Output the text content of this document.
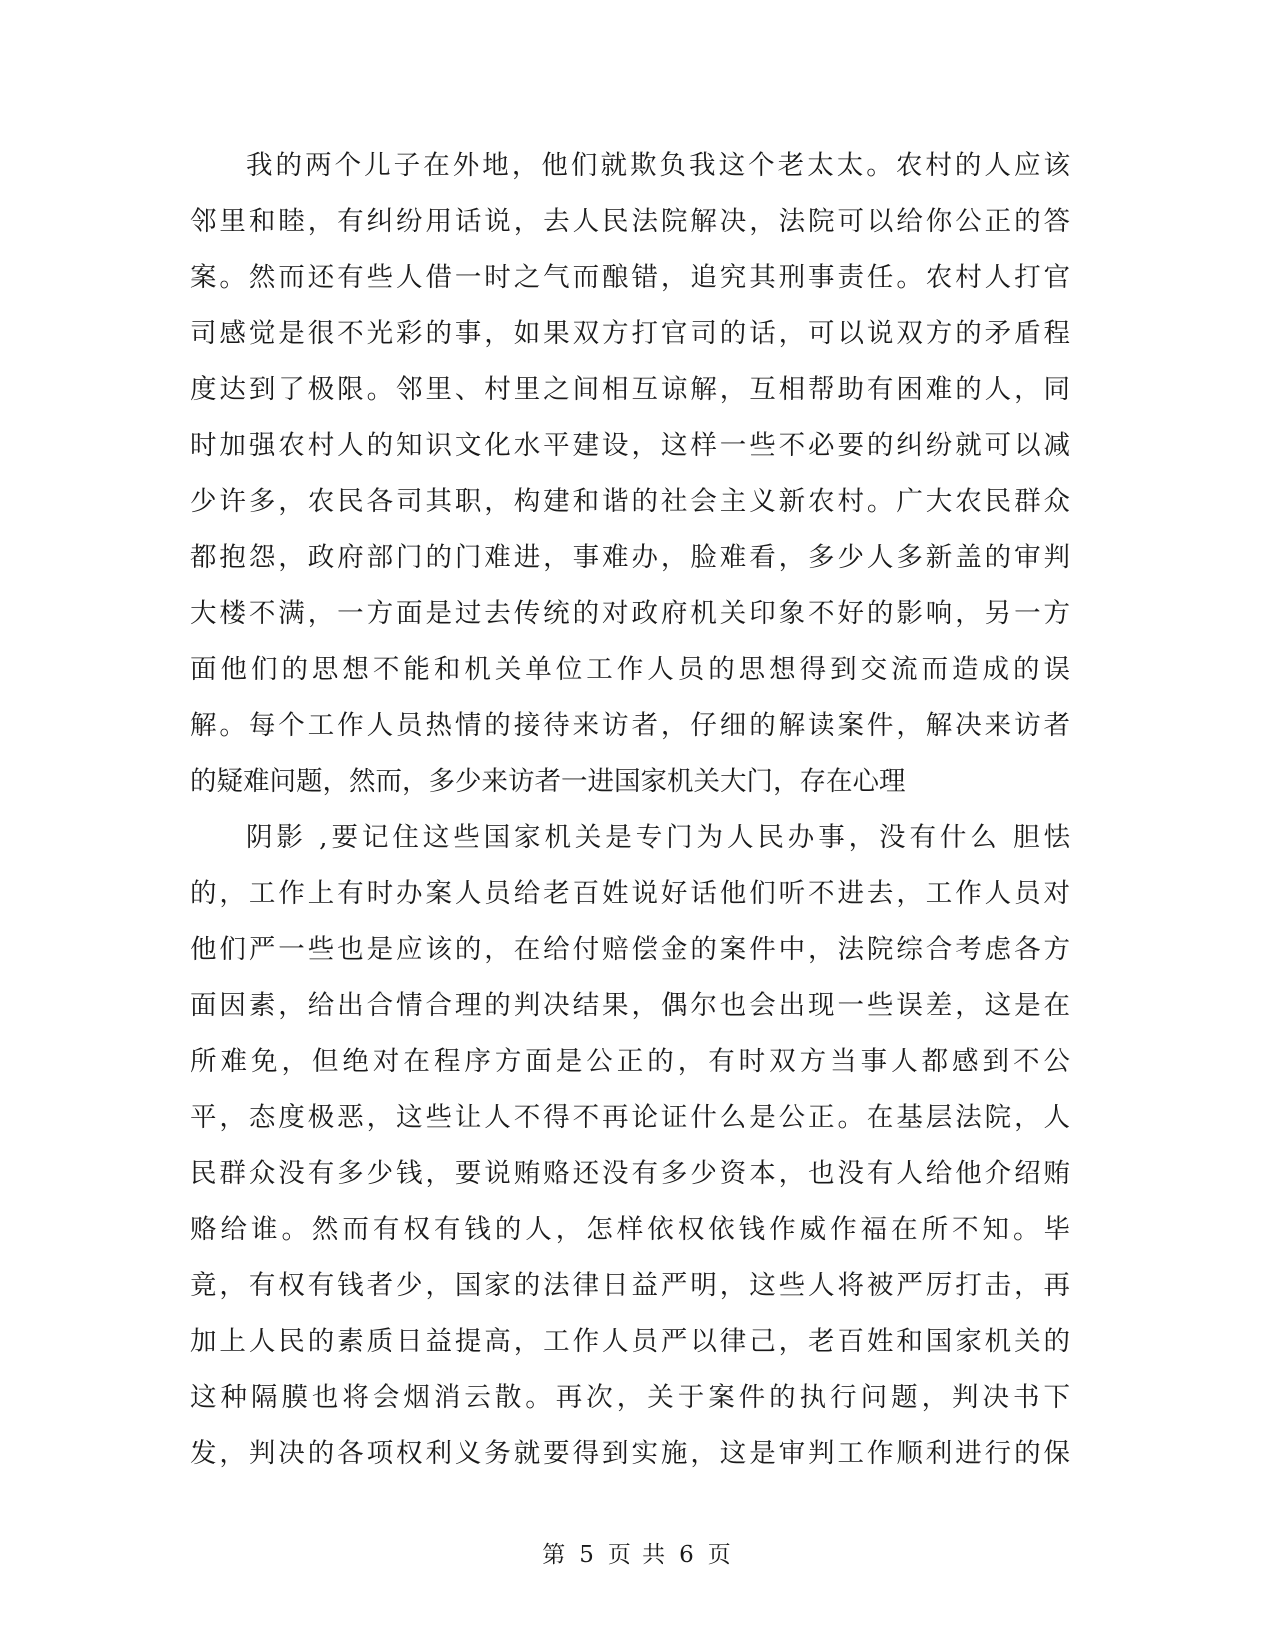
我的两个儿子在外地，他们就欺负我这个老太太。农村的人应该
邻里和睦，有纠纷用话说，去人民法院解决，法院可以给你公正的答
案。然而还有些人借一时之气而酿错，追究其刑事责任。农村人打官
司感觉是很不光彩的事，如果双方打官司的话，可以说双方的矛盾程
度达到了极限。邻里、村里之间相互谅解，互相帮助有困难的人，同
时加强农村人的知识文化水平建设，这样一些不必要的纠纷就可以减
少许多，农民各司其职，构建和谐的社会主义新农村。广大农民群众
都抱怨，政府部门的门难进，事难办，脸难看，多少人多新盖的审判
大楼不满，一方面是过去传统的对政府机关印象不好的影响，另一方
面他们的思想不能和机关单位工作人员的思想得到交流而造成的误
解。每个工作人员热情的接待来访者，仔细的解读案件，解决来访者
的疑难问题，然而，多少来访者一进国家机关大门，存在心理
阴影 ,要记住这些国家机关是专门为人民办事，没有什么 胆怯
的，工作上有时办案人员给老百姓说好话他们听不进去，工作人员对
他们严一些也是应该的，在给付赔偿金的案件中，法院综合考虑各方
面因素，给出合情合理的判决结果，偶尔也会出现一些误差，这是在
所难免，但绝对在程序方面是公正的，有时双方当事人都感到不公
平，态度极恶，这些让人不得不再论证什么是公正。在基层法院，人
民群众没有多少钱，要说贿赂还没有多少资本，也没有人给他介绍贿
赂给谁。然而有权有钱的人，怎样依权依钱作威作福在所不知。毕
竟，有权有钱者少，国家的法律日益严明，这些人将被严厉打击，再
加上人民的素质日益提高，工作人员严以律己，老百姓和国家机关的
这种隔膜也将会烟消云散。再次，关于案件的执行问题，判决书下
发，判决的各项权利义务就要得到实施，这是审判工作顺利进行的保
第 5 页 共 6 页
